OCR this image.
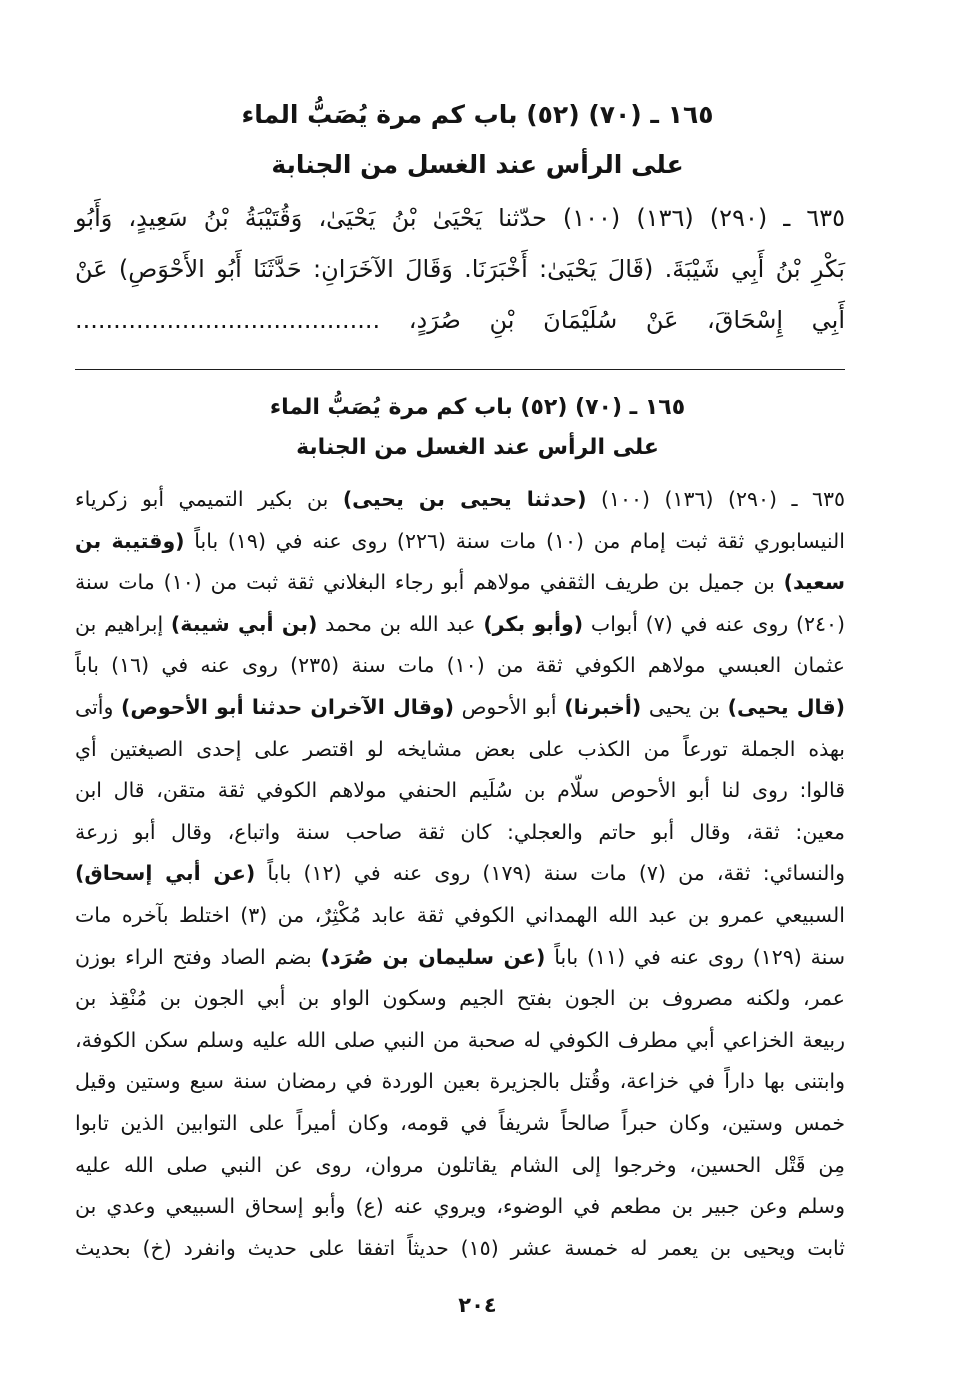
١٦٥ ـ (٧٠) (٥٢) باب كم مرة يُصَبُّ الماء
على الرأس عند الغسل من الجنابة
٦٣٥ ـ (٢٩٠) (١٣٦) (١٠٠) حدّثنا يَحْيَىٰ بْنُ يَحْيَىٰ، وَقُتَيْبَةُ بْنُ سَعِيدٍ، وَأَبُو
بَكْرِ بْنُ أَبِي شَيْبَةَ. (قَالَ يَحْيَىٰ: أَخْبَرَنَا. وَقَالَ الآخَرَانِ: حَدَّثَنَا أَبُو الأَحْوَصِ) عَنْ
أَبِي إِسْحَاقَ، عَنْ سُلَيْمَانَ بْنِ صُرَدٍ، ........................................
١٦٥ ـ (٧٠) (٥٢) باب كم مرة يُصَبُّ الماء
على الرأس عند الغسل من الجنابة
٦٣٥ ـ (٢٩٠) (١٣٦) (١٠٠) (حدثنا يحيى بن يحيى) بن بكير التميمي أبو زكرياء
النيسابوري ثقة ثبت إمام من (١٠) مات سنة (٢٢٦) روى عنه في (١٩) باباً (وقتيبة بن
سعيد) بن جميل بن طريف الثقفي مولاهم أبو رجاء البغلاني ثقة ثبت من (١٠) مات سنة
(٢٤٠) روى عنه في (٧) أبواب (وأبو بكر) عبد الله بن محمد (بن أبي شيبة) إبراهيم بن
عثمان العبسي مولاهم الكوفي ثقة من (١٠) مات سنة (٢٣٥) روى عنه في (١٦) باباً
(قال يحيى) بن يحيى (أخبرنا) أبو الأحوص (وقال الآخران حدثنا أبو الأحوص) وأتى
بهذه الجملة تورعاً من الكذب على بعض مشايخه لو اقتصر على إحدى الصيغتين أي
قالوا: روى لنا أبو الأحوص سلّام بن سُلَيم الحنفي مولاهم الكوفي ثقة متقن، قال ابن
معين: ثقة، وقال أبو حاتم والعجلي: كان ثقة صاحب سنة واتباع، وقال أبو زرعة
والنسائي: ثقة، من (٧) مات سنة (١٧٩) روى عنه في (١٢) باباً (عن أبي إسحاق)
السبيعي عمرو بن عبد الله الهمداني الكوفي ثقة عابد مُكْثِرٌ، من (٣) اختلط بآخره مات
سنة (١٢٩) روى عنه في (١١) باباً (عن سليمان بن صُرَد) بضم الصاد وفتح الراء بوزن
عمر، ولكنه مصروف بن الجون بفتح الجيم وسكون الواو بن أبي الجون بن مُنْقِذ بن
ربيعة الخزاعي أبي مطرف الكوفي له صحبة من النبي صلى الله عليه وسلم سكن الكوفة،
وابتنى بها داراً في خزاعة، وقُتل بالجزيرة بعين الوردة في رمضان سنة سبع وستين وقيل
خمس وستين، وكان حبراً صالحاً شريفاً في قومه، وكان أميراً على التوابين الذين تابوا
مِن قَتْل الحسين، وخرجوا إلى الشام يقاتلون مروان، روى عن النبي صلى الله عليه
وسلم وعن جبير بن مطعم في الوضوء، ويروي عنه (ع) وأبو إسحاق السبيعي وعدي بن
ثابت ويحيى بن يعمر له خمسة عشر (١٥) حديثاً اتفقا على حديث وانفرد (خ) بحديث
٢٠٤
